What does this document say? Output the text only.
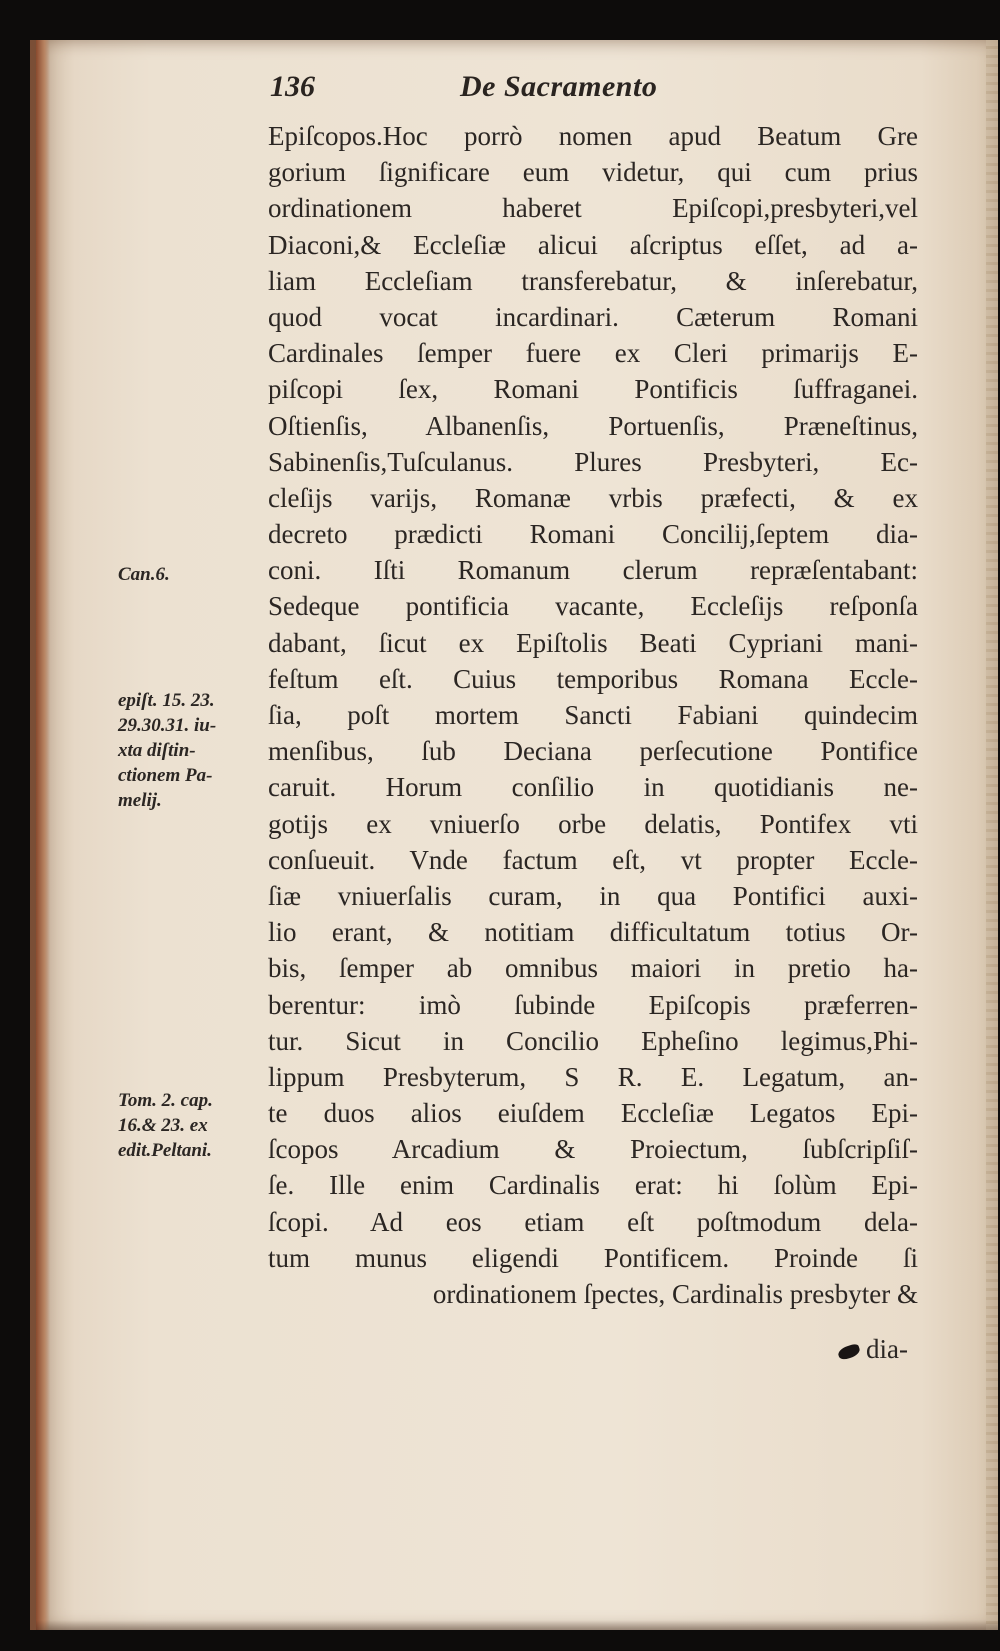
136	De Sacramento
Epiſcopos.Hoc porrò nomen apud Beatum Gre
gorium ſignificare eum videtur, qui cum prius
ordinationem haberet Epiſcopi,presbyteri,vel
Diaconi,& Eccleſiæ alicui aſcriptus eſſet, ad a-
liam Eccleſiam transferebatur, & inſerebatur,
quod vocat incardinari. Cæterum Romani
Cardinales ſemper fuere ex Cleri primarijs E-
piſcopi ſex, Romani Pontificis ſuffraganei.
Oſtienſis, Albanenſis, Portuenſis, Præneſtinus,
Sabinenſis,Tuſculanus. Plures Presbyteri, Ec-
cleſijs varijs, Romanæ vrbis præfecti, & ex
decreto prædicti Romani Concilij,ſeptem dia-
coni. Iſti Romanum clerum repræſentabant:
Sedeque pontificia vacante, Eccleſijs reſponſa
dabant, ſicut ex Epiſtolis Beati Cypriani mani-
feſtum eſt. Cuius temporibus Romana Eccle-
ſia, poſt mortem Sancti Fabiani quindecim
menſibus, ſub Deciana perſecutione Pontifice
caruit. Horum conſilio in quotidianis ne-
gotijs ex vniuerſo orbe delatis, Pontifex vti
conſueuit. Vnde factum eſt, vt propter Eccle-
ſiæ vniuerſalis curam, in qua Pontifici auxi-
lio erant, & notitiam difficultatum totius Or-
bis, ſemper ab omnibus maiori in pretio ha-
berentur: imò ſubinde Epiſcopis præferren-
tur. Sicut in Concilio Epheſino legimus,Phi-
lippum Presbyterum, S R. E. Legatum, an-
te duos alios eiuſdem Eccleſiæ Legatos Epi-
ſcopos Arcadium & Proiectum, ſubſcripſiſ-
ſe. Ille enim Cardinalis erat: hi ſolùm Epi-
ſcopi. Ad eos etiam eſt poſtmodum dela-
tum munus eligendi Pontificem. Proinde ſi
ordinationem ſpectes, Cardinalis presbyter &
Can.6.
epiſt. 15. 23.
29.30.31. iu-
xta diſtin-
ctionem Pa-
melij.
Tom. 2. cap.
16.& 23. ex
edit.Peltani.
dia-
